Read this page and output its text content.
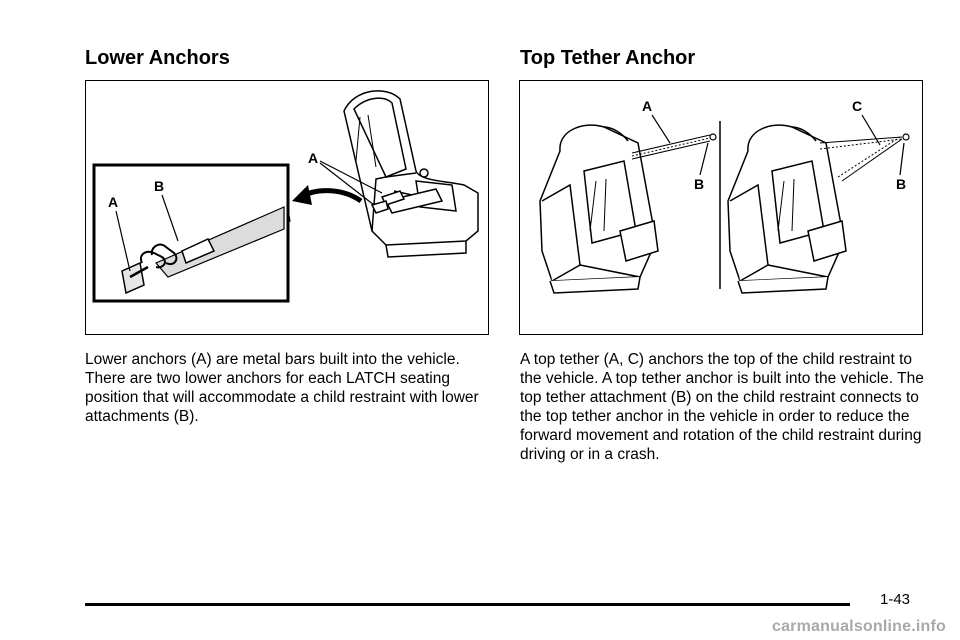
Lower Anchors
A
A
B

Lower anchors (A) are metal bars built into the vehicle. There are two lower anchors for each LATCH seating position that will accommodate a child restraint with lower attachments (B).

Top Tether Anchor
A
B
C
B

A top tether (A, C) anchors the top of the child restraint to the vehicle. A top tether anchor is built into the vehicle. The top tether attachment (B) on the child restraint connects to the top tether anchor in the vehicle in order to reduce the forward movement and rotation of the child restraint during driving or in a crash.

1-43
carmanualsonline.info
